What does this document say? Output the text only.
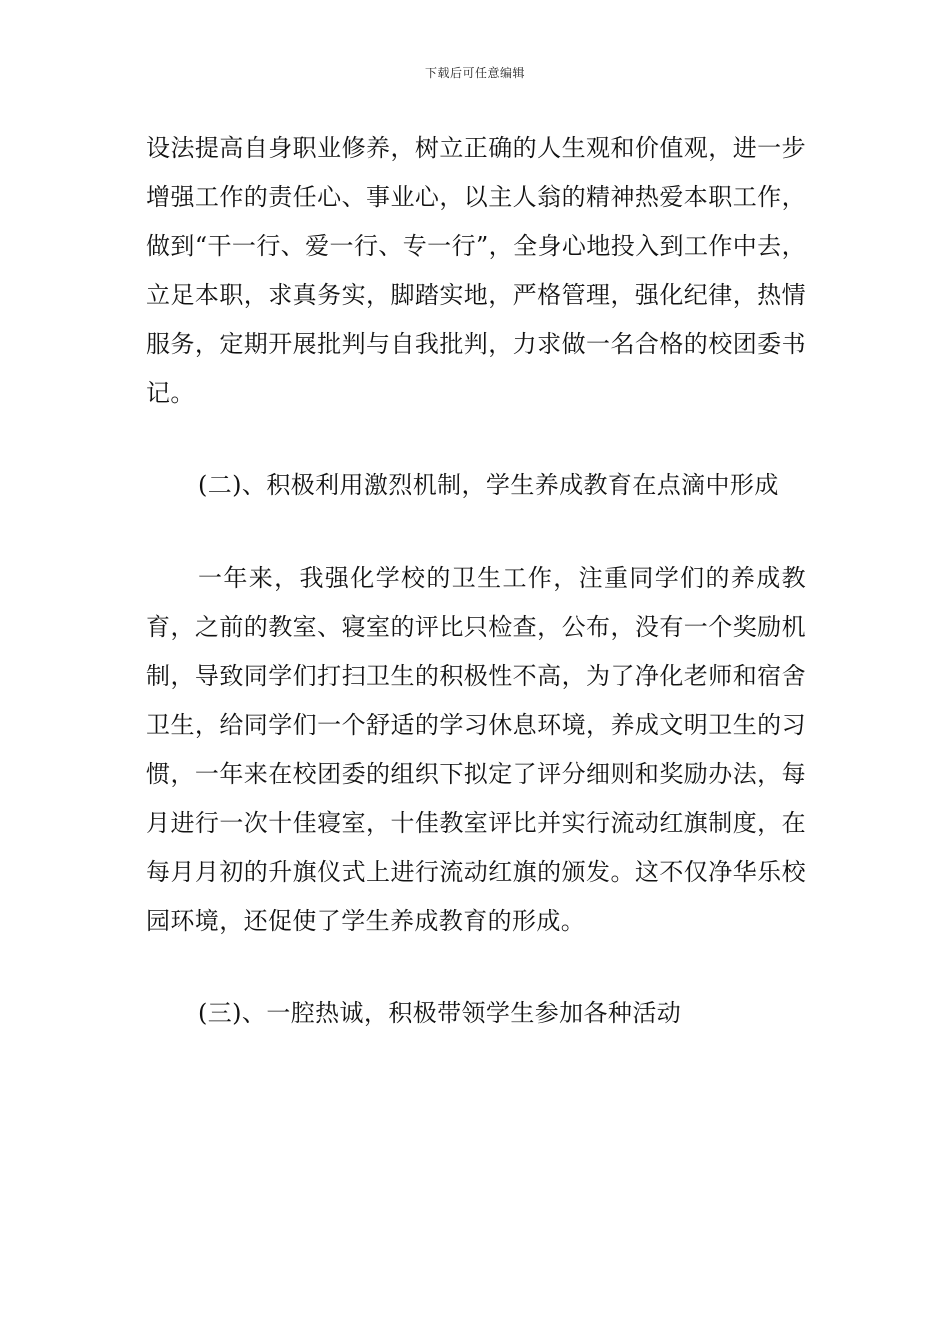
下载后可任意编辑

设法提高自身职业修养，树立正确的人生观和价值观，进一步增强工作的责任心、事业心，以主人翁的精神热爱本职工作，做到“干一行、爱一行、专一行”，全身心地投入到工作中去，立足本职，求真务实，脚踏实地，严格管理，强化纪律，热情服务，定期开展批判与自我批判，力求做一名合格的校团委书记。

(二)、积极利用激烈机制，学生养成教育在点滴中形成

一年来，我强化学校的卫生工作，注重同学们的养成教育，之前的教室、寝室的评比只检查，公布，没有一个奖励机制，导致同学们打扫卫生的积极性不高，为了净化老师和宿舍卫生，给同学们一个舒适的学习休息环境，养成文明卫生的习惯，一年来在校团委的组织下拟定了评分细则和奖励办法，每月进行一次十佳寝室，十佳教室评比并实行流动红旗制度，在每月月初的升旗仪式上进行流动红旗的颁发。这不仅净华乐校园环境，还促使了学生养成教育的形成。

(三)、一腔热诚，积极带领学生参加各种活动
